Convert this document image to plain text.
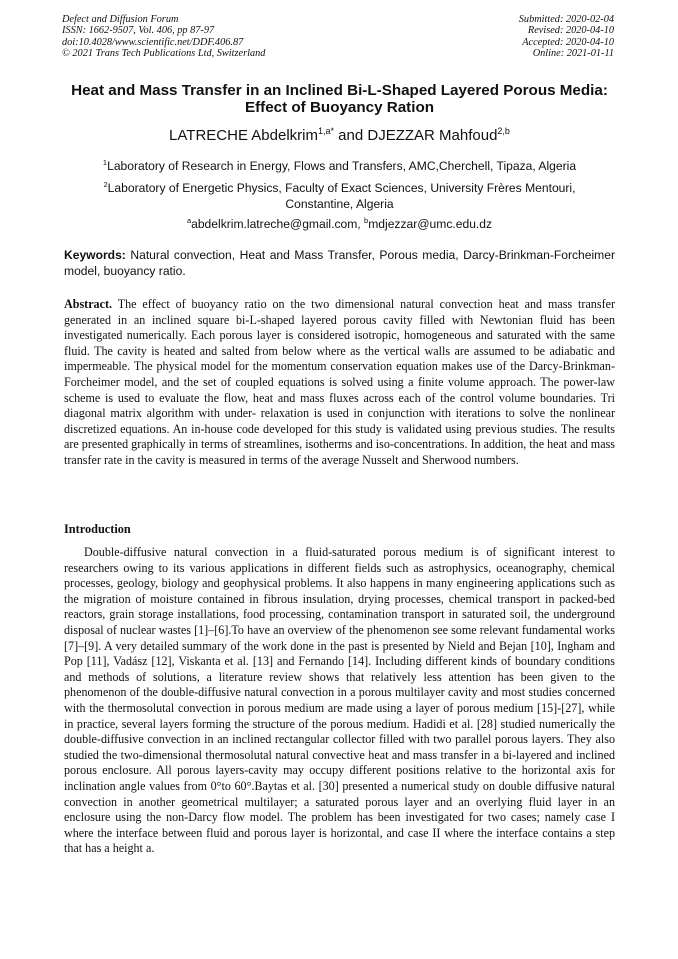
Defect and Diffusion Forum
ISSN: 1662-9507, Vol. 406, pp 87-97
doi:10.4028/www.scientific.net/DDF.406.87
© 2021 Trans Tech Publications Ltd, Switzerland
Submitted: 2020-02-04
Revised: 2020-04-10
Accepted: 2020-04-10
Online: 2021-01-11
Heat and Mass Transfer in an Inclined Bi-L-Shaped Layered Porous Media: Effect of Buoyancy Ration
LATRECHE Abdelkrim$^{1,a*}$ and DJEZZAR Mahfoud$^{2,b}$
$^1$Laboratory of Research in Energy, Flows and Transfers, AMC,Cherchell, Tipaza, Algeria
$^2$Laboratory of Energetic Physics, Faculty of Exact Sciences, University Frères Mentouri,
Constantine, Algeria
$^a$abdelkrim.latreche@gmail.com, $^b$mdjezzar@umc.edu.dz
Keywords: Natural convection, Heat and Mass Transfer, Porous media, Darcy-Brinkman-Forcheimer model, buoyancy ratio.
Abstract. The effect of buoyancy ratio on the two dimensional natural convection heat and mass transfer generated in an inclined square bi-L-shaped layered porous cavity filled with Newtonian fluid has been investigated numerically. Each porous layer is considered isotropic, homogeneous and saturated with the same fluid. The cavity is heated and salted from below where as the vertical walls are assumed to be adiabatic and impermeable. The physical model for the momentum conservation equation makes use of the Darcy-Brinkman-Forcheimer model, and the set of coupled equations is solved using a finite volume approach. The power-law scheme is used to evaluate the flow, heat and mass fluxes across each of the control volume boundaries. Tri diagonal matrix algorithm with under- relaxation is used in conjunction with iterations to solve the nonlinear discretized equations. An in-house code developed for this study is validated using previous studies. The results are presented graphically in terms of streamlines, isotherms and iso-concentrations. In addition, the heat and mass transfer rate in the cavity is measured in terms of the average Nusselt and Sherwood numbers.
Introduction
Double-diffusive natural convection in a fluid-saturated porous medium is of significant interest to researchers owing to its various applications in different fields such as astrophysics, oceanography, chemical processes, geology, biology and geophysical problems. It also happens in many engineering applications such as the migration of moisture contained in fibrous insulation, drying processes, chemical transport in packed-bed reactors, grain storage installations, food processing, contamination transport in saturated soil, the underground disposal of nuclear wastes [1]–[6].To have an overview of the phenomenon see some relevant fundamental works [7]–[9]. A very detailed summary of the work done in the past is presented by Nield and Bejan [10], Ingham and Pop [11], Vadász [12], Viskanta et al. [13] and Fernando [14]. Including different kinds of boundary conditions and methods of solutions, a literature review shows that relatively less attention has been given to the phenomenon of the double-diffusive natural convection in a porous multilayer cavity and most studies concerned with the thermosolutal convection in porous medium are made using a layer of porous medium [15]-[27], while in practice, several layers forming the structure of the porous medium. Hadidi et al. [28] studied numerically the double-diffusive convection in an inclined rectangular collector filled with two parallel porous layers. They also studied the two-dimensional thermosolutal natural convective heat and mass transfer in a bi-layered and inclined porous enclosure. All porous layers-cavity may occupy different positions relative to the horizontal axis for inclination angle values from 0°to 60°.Baytas et al. [30] presented a numerical study on double diffusive natural convection in another geometrical multilayer; a saturated porous layer and an overlying fluid layer in an enclosure using the non-Darcy flow model. The problem has been investigated for two cases; namely case I where the interface between fluid and porous layer is horizontal, and case II where the interface contains a step that has a height a.
